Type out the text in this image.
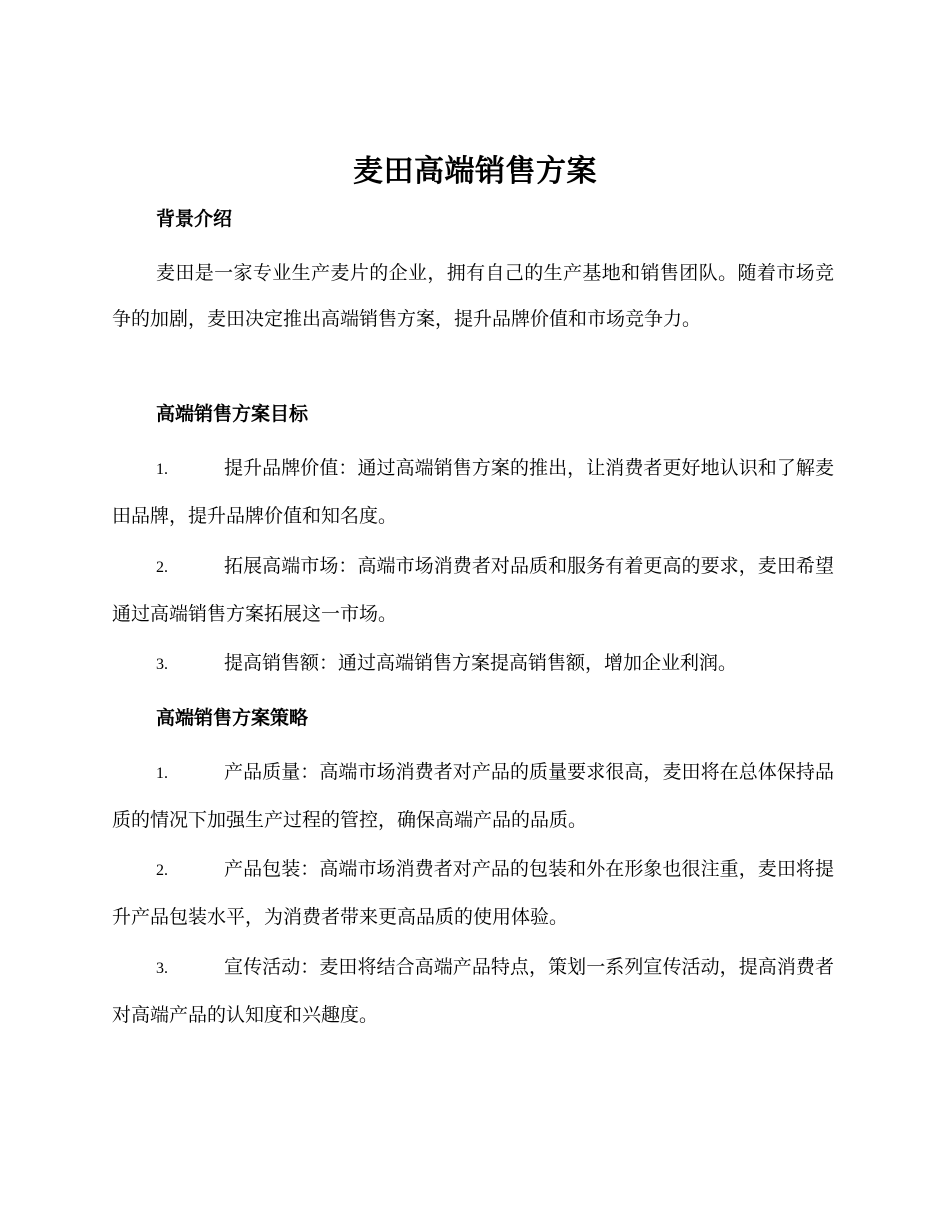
麦田高端销售方案
背景介绍

麦田是一家专业生产麦片的企业，拥有自己的生产基地和销售团队。随着市场竞争的加剧，麦田决定推出高端销售方案，提升品牌价值和市场竞争力。

高端销售方案目标

1.	提升品牌价值：通过高端销售方案的推出，让消费者更好地认识和了解麦田品牌，提升品牌价值和知名度。

2.	拓展高端市场：高端市场消费者对品质和服务有着更高的要求，麦田希望通过高端销售方案拓展这一市场。

3.	提高销售额：通过高端销售方案提高销售额，增加企业利润。

高端销售方案策略

1.	产品质量：高端市场消费者对产品的质量要求很高，麦田将在总体保持品质的情况下加强生产过程的管控，确保高端产品的品质。

2.	产品包装：高端市场消费者对产品的包装和外在形象也很注重，麦田将提升产品包装水平，为消费者带来更高品质的使用体验。

3.	宣传活动：麦田将结合高端产品特点，策划一系列宣传活动，提高消费者对高端产品的认知度和兴趣度。
